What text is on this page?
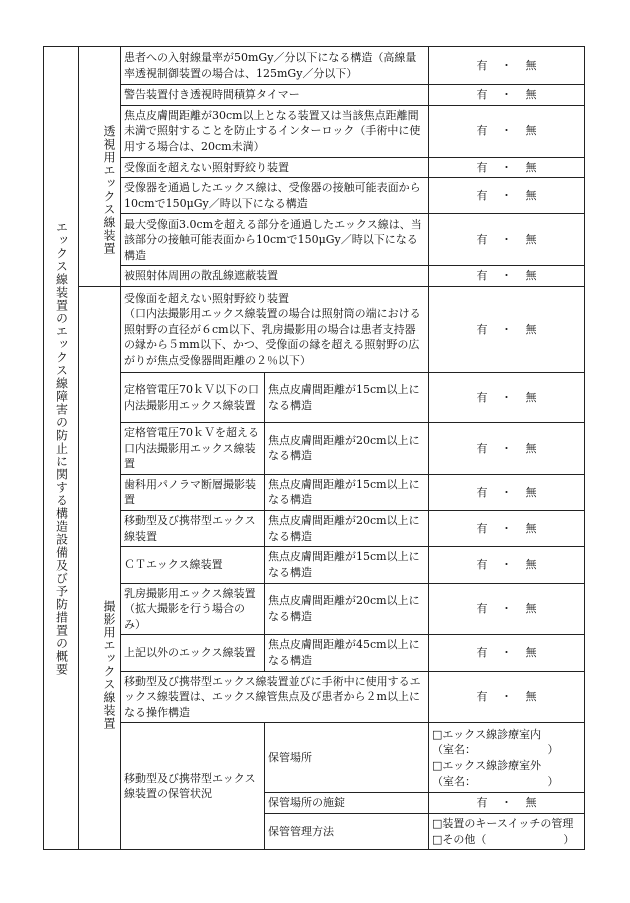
エックス線装置のエックス線障害の防止に関する構造設備及び予防措置の概要	透視用エックス線装置	患者への入射線量率が50mGy／分以下になる構造（高線量率透視制御装置の場合は、125mGy／分以下）		有 ・ 無
		警告装置付き透視時間積算タイマー		有 ・ 無
		焦点皮膚間距離が30cm以上となる装置又は当該焦点距離間未満で照射することを防止するインターロック（手術中に使用する場合は、20cm未満）		有 ・ 無
		受像面を超えない照射野絞り装置		有 ・ 無
		受像器を通過したエックス線は、受像器の接触可能表面から10cmで150μGy／時以下になる構造		有 ・ 無
		最大受像面3.0cmを超える部分を通過したエックス線は、当該部分の接触可能表面から10cmで150μGy／時以下になる構造		有 ・ 無
		被照射体周囲の散乱線遮蔽装置		有 ・ 無
	撮影用エックス線装置	受像面を超えない照射野絞り装置
（口内法撮影用エックス線装置の場合は照射筒の端における照射野の直径が６cm以下、乳房撮影用の場合は患者支持器の縁から５mm以下、かつ、受像面の縁を超える照射野の広がりが焦点受像器間距離の２％以下）		有 ・ 無
		定格管電圧70ｋＶ以下の口内法撮影用エックス線装置	焦点皮膚間距離が15cm以上になる構造	有 ・ 無
		定格管電圧70ｋＶを超える口内法撮影用エックス線装置	焦点皮膚間距離が20cm以上になる構造	有 ・ 無
		歯科用パノラマ断層撮影装置	焦点皮膚間距離が15cm以上になる構造	有 ・ 無
		移動型及び携帯型エックス線装置	焦点皮膚間距離が20cm以上になる構造	有 ・ 無
		ＣＴエックス線装置	焦点皮膚間距離が15cm以上になる構造	有 ・ 無
		乳房撮影用エックス線装置（拡大撮影を行う場合のみ）	焦点皮膚間距離が20cm以上になる構造	有 ・ 無
		上記以外のエックス線装置	焦点皮膚間距離が45cm以上になる構造	有 ・ 無
		移動型及び携帯型エックス線装置並びに手術中に使用するエックス線装置は、エックス線管焦点及び患者から２m以上になる操作構造		有 ・ 無
		移動型及び携帯型エックス線装置の保管状況	保管場所	□エックス線診療室内
（室名：　　　　　　　）
□エックス線診療室外
（室名：　　　　　　　）

			保管場所の施錠	有 ・ 無
			保管管理方法	□装置のキースイッチの管理
□その他（　　　　　　　）
